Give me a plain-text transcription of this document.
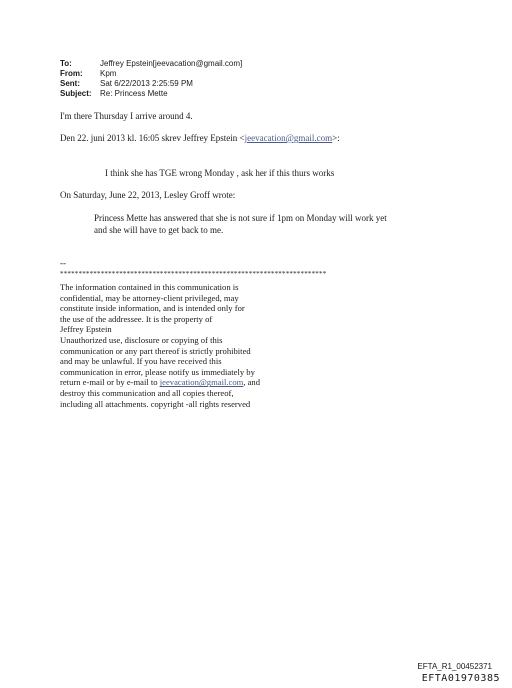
To:	Jeffrey Epstein[jeevacation@gmail.com]
From:	Kpm
Sent:	Sat 6/22/2013 2:25:59 PM
Subject:	Re: Princess Mette
I'm there Thursday I arrive around 4.
Den 22. juni 2013 kl. 16:05 skrev Jeffrey Epstein <jeevacation@gmail.com>:
I think she has TGE wrong Monday , ask her if this thurs works
On Saturday, June 22, 2013, Lesley Groff wrote:
Princess Mette has answered that she is not sure if 1pm on Monday will work yet
and she will have to get back to me.
--
************************************************************************
The information contained in this communication is
confidential, may be attorney-client privileged, may
constitute inside information, and is intended only for
the use of the addressee. It is the property of
Jeffrey Epstein
Unauthorized use, disclosure or copying of this
communication or any part thereof is strictly prohibited
and may be unlawful. If you have received this
communication in error, please notify us immediately by
return e-mail or by e-mail to jeevacation@gmail.com, and
destroy this communication and all copies thereof,
including all attachments. copyright -all rights reserved
EFTA_R1_00452371
EFTA01970385
